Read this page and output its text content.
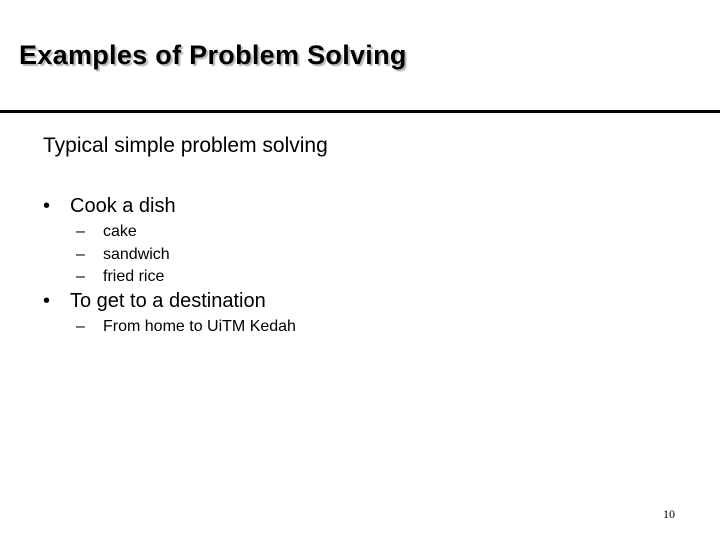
Examples of Problem Solving
Typical simple problem solving
• Cook a dish
–	cake
–	sandwich
–	fried rice
• To get to a destination
–	From home to UiTM Kedah
10
